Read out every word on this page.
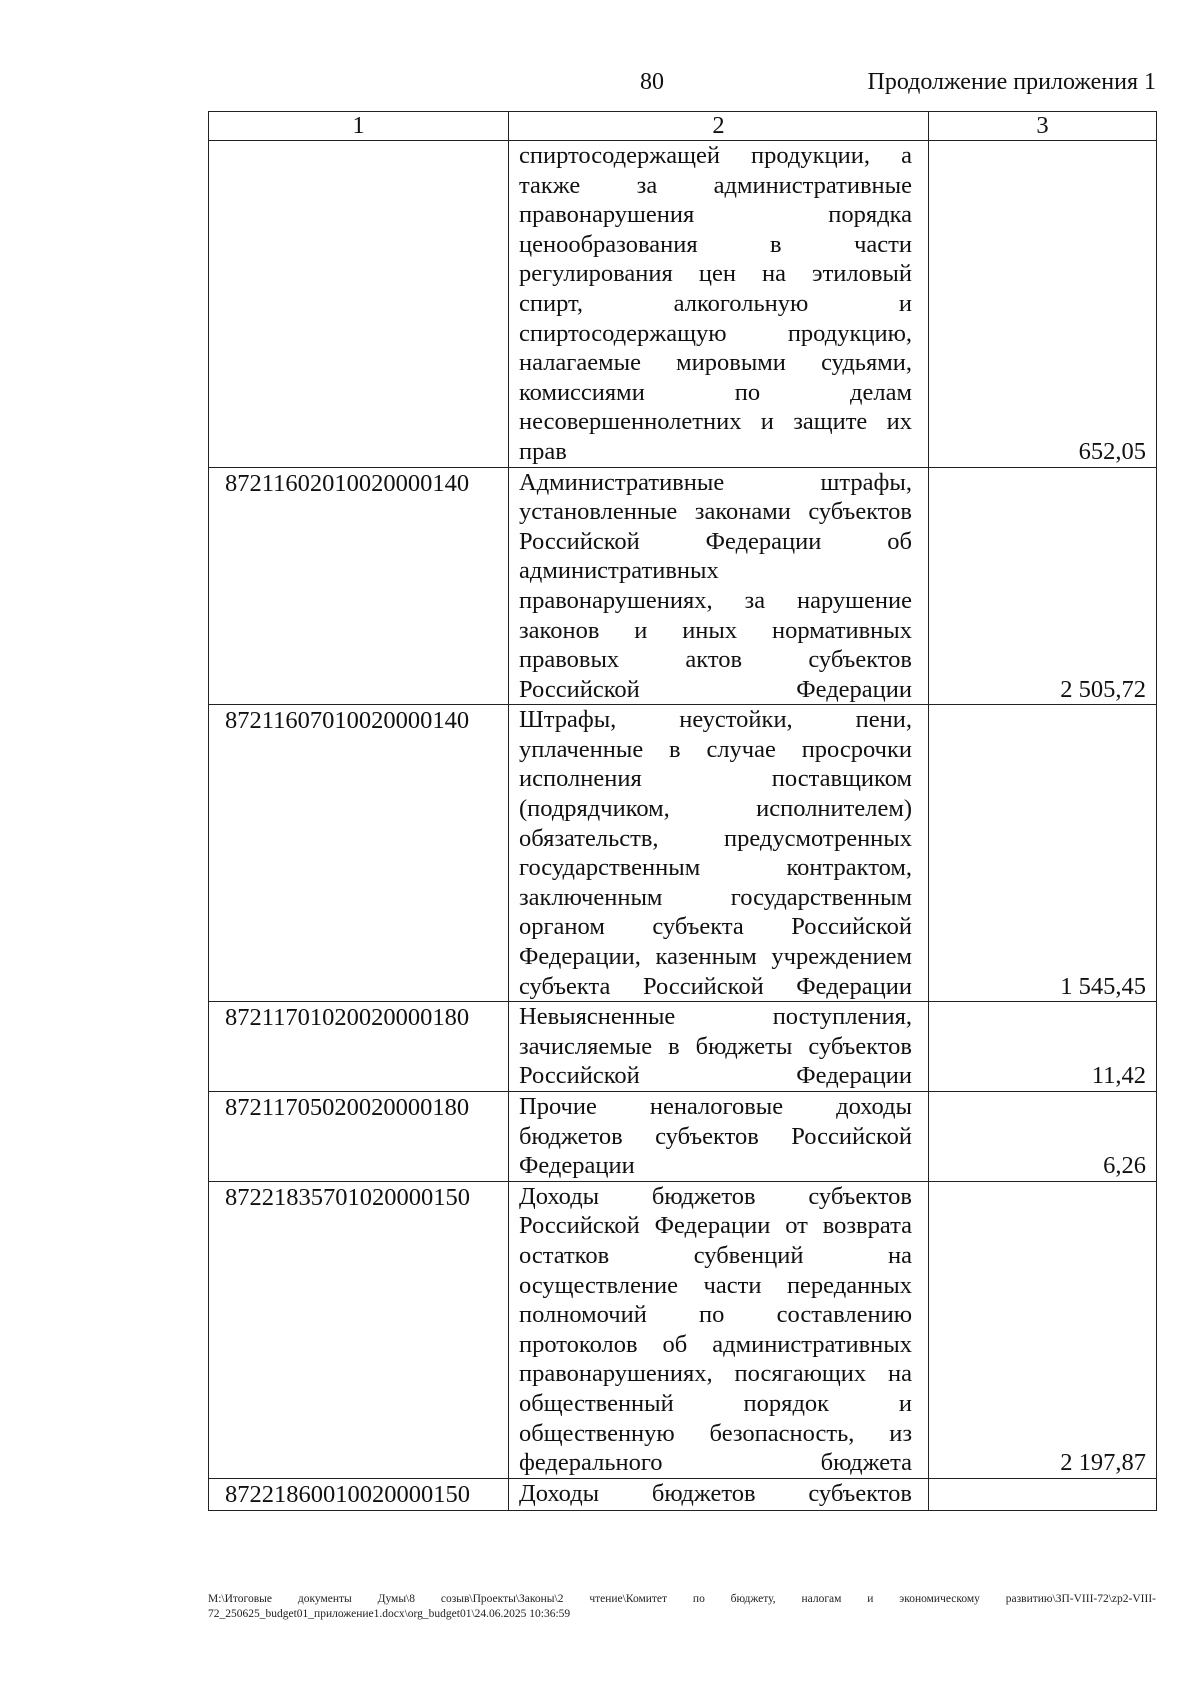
80	Продолжение приложения 1
1	2	3

	спиртосодержащей продукции, а также за административные правонарушения порядка ценообразования в части регулирования цен на этиловый спирт, алкогольную и спиртосодержащую продукцию, налагаемые мировыми судьями, комиссиями по делам несовершеннолетних и защите их прав	652,05
87211602010020000140	Административные штрафы, установленные законами субъектов Российской Федерации об административных правонарушениях, за нарушение законов и иных нормативных правовых актов субъектов Российской Федерации	2 505,72
87211607010020000140	Штрафы, неустойки, пени, уплаченные в случае просрочки исполнения поставщиком (подрядчиком, исполнителем) обязательств, предусмотренных государственным контрактом, заключенным государственным органом субъекта Российской Федерации, казенным учреждением субъекта Российской Федерации	1 545,45
87211701020020000180	Невыясненные поступления, зачисляемые в бюджеты субъектов Российской Федерации	11,42
87211705020020000180	Прочие неналоговые доходы бюджетов субъектов Российской Федерации	6,26
87221835701020000150	Доходы бюджетов субъектов Российской Федерации от возврата остатков субвенций на осуществление части переданных полномочий по составлению протоколов об административных правонарушениях, посягающих на общественный порядок и общественную безопасность, из федерального бюджета	2 197,87
87221860010020000150	Доходы бюджетов субъектов	

M:\Итоговые документы Думы\8 созыв\Проекты\Законы\2 чтение\Комитет по бюджету, налогам и экономическому развитию\ЗП-VIII-72\zp2-VIII-72_250625_budget01_приложение1.docx\org_budget01\24.06.2025 10:36:59
